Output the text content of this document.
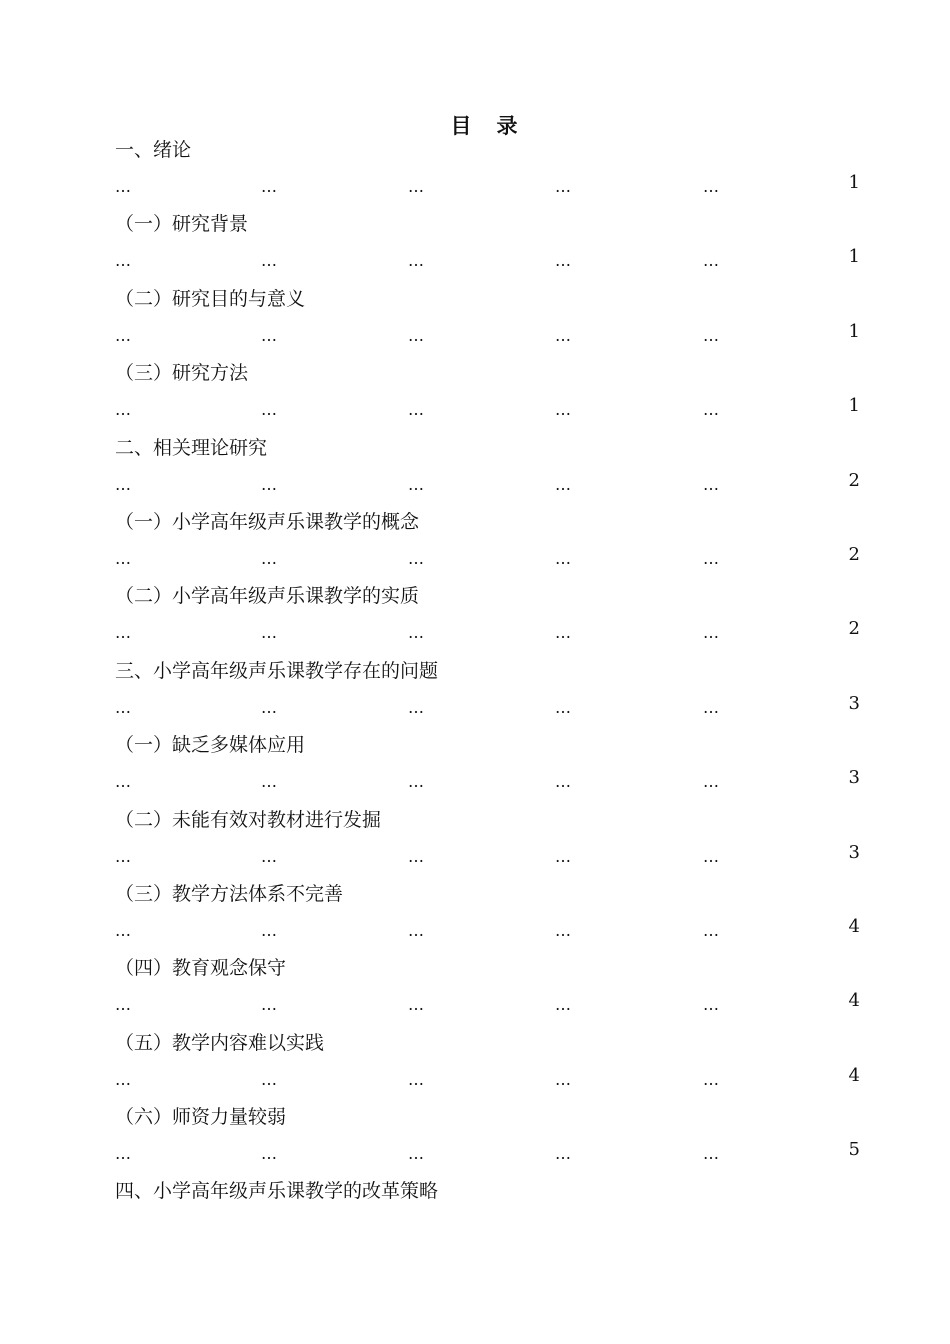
目　录
.....
一、绪论
…	…	…	…	…	1
.....
（一）研究背景
…	…	…	…	…	1
.....
（二）研究目的与意义
…	…	…	…	…	1
.....
（三）研究方法
…	…	…	…	…	1
.....
二、相关理论研究
…	…	…	…	…	2
.....
（一）小学高年级声乐课教学的概念
…	…	…	…	…	2
.....
（二）小学高年级声乐课教学的实质
…	…	…	…	…	2
.....
三、小学高年级声乐课教学存在的问题
…	…	…	…	…	3
.....
（一）缺乏多媒体应用
…	…	…	…	…	3
.....
（二）未能有效对教材进行发掘
…	…	…	…	…	3
.....
（三）教学方法体系不完善
…	…	…	…	…	4
.....
（四）教育观念保守
…	…	…	…	…	4
.....
（五）教学内容难以实践
…	…	…	…	…	4
.....
（六）师资力量较弱
…	…	…	…	…	5
.....
四、小学高年级声乐课教学的改革策略
